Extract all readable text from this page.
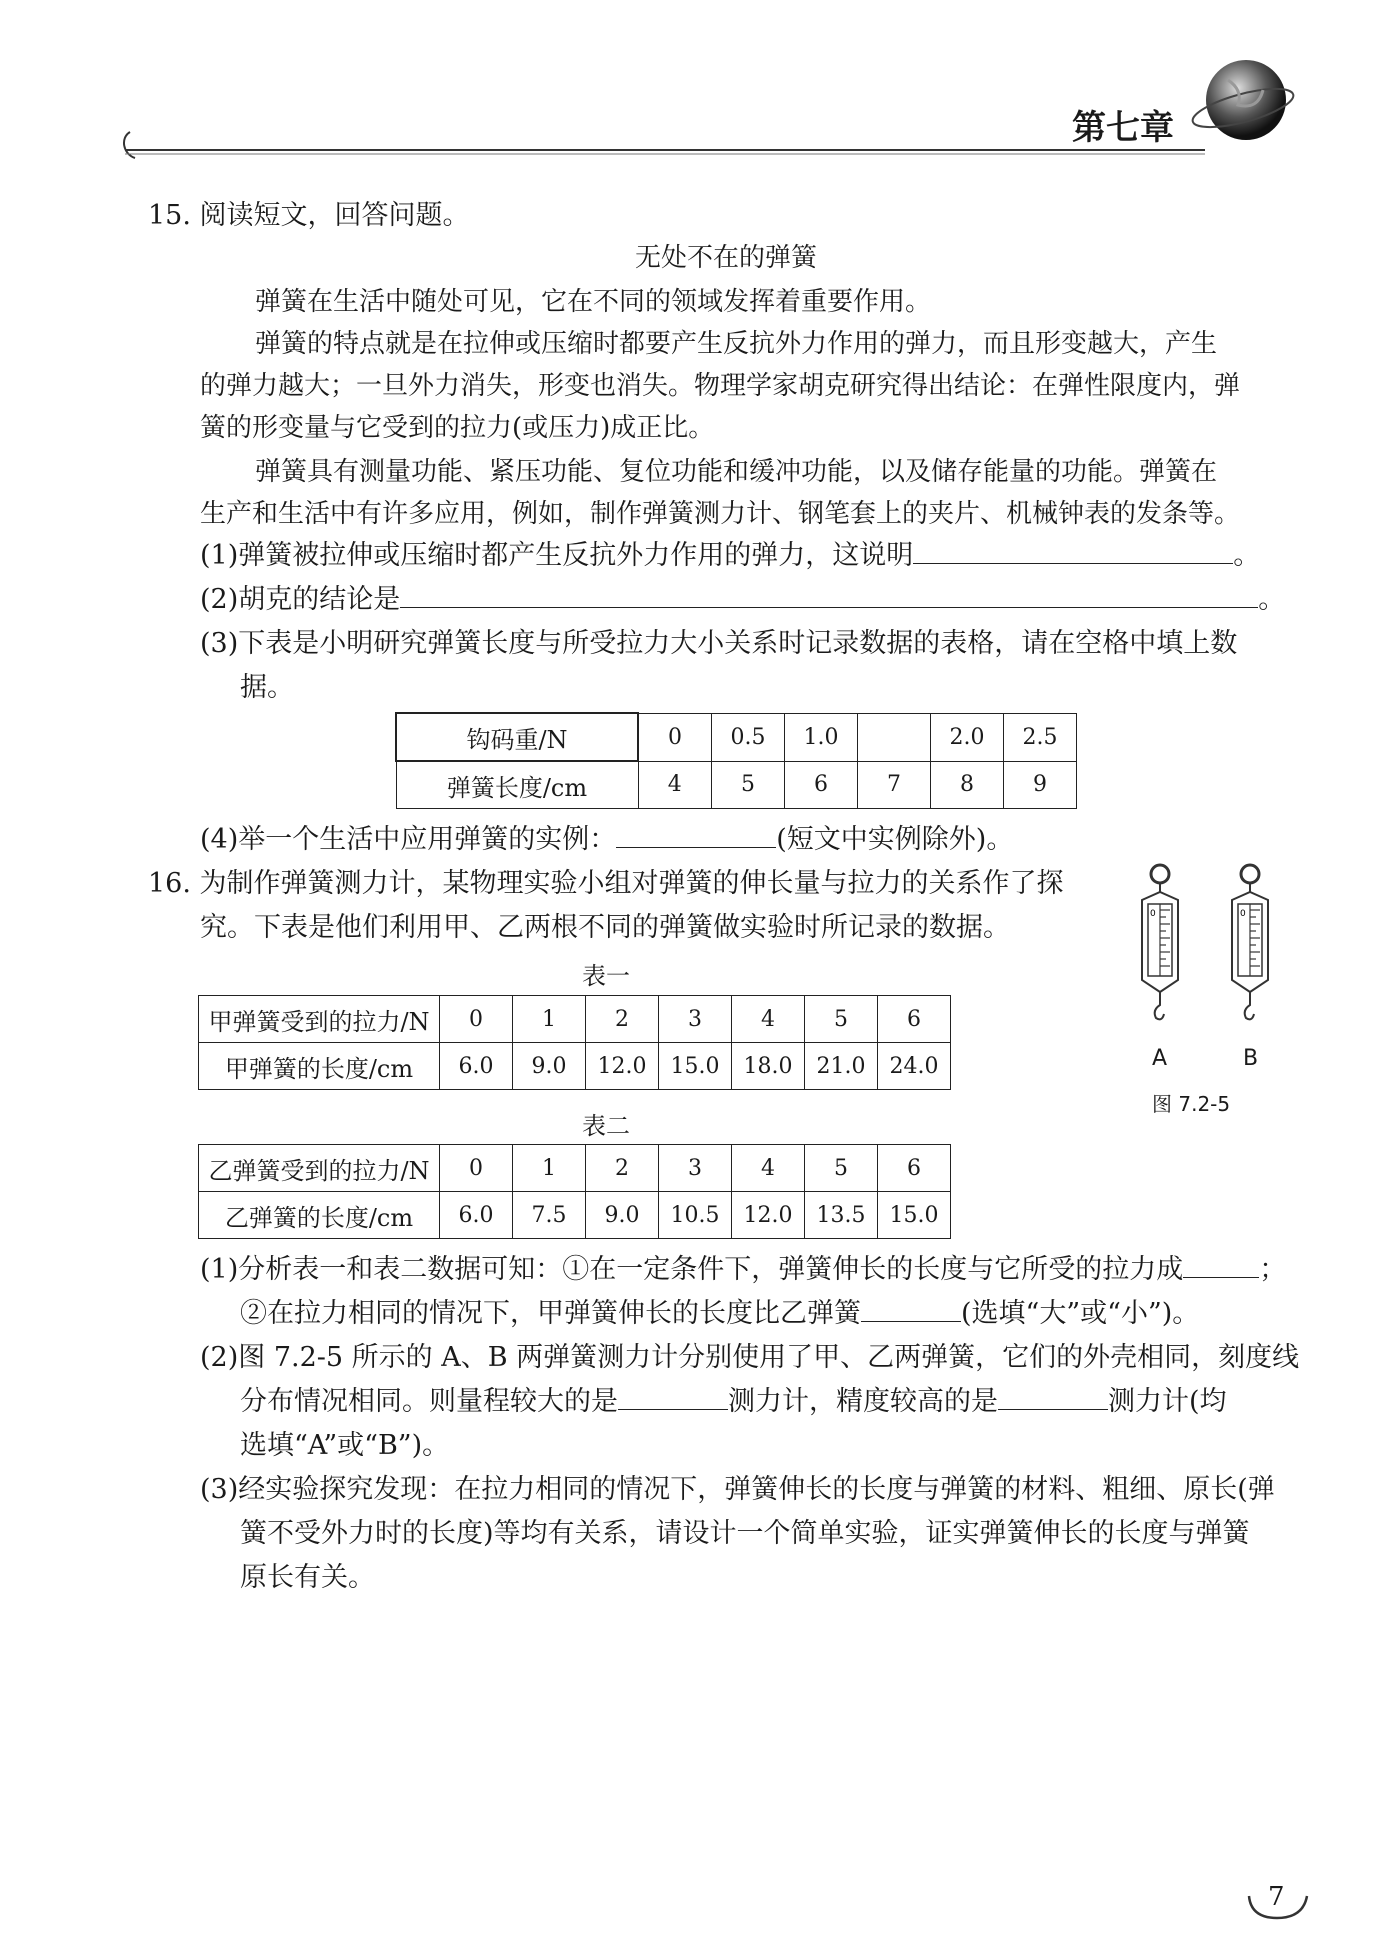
第七章
15. 阅读短文，回答问题。
无处不在的弹簧
弹簧在生活中随处可见，它在不同的领域发挥着重要作用。
弹簧的特点就是在拉伸或压缩时都要产生反抗外力作用的弹力，而且形变越大，产生
的弹力越大；一旦外力消失，形变也消失。物理学家胡克研究得出结论：在弹性限度内，弹
簧的形变量与它受到的拉力(或压力)成正比。
弹簧具有测量功能、紧压功能、复位功能和缓冲功能，以及储存能量的功能。弹簧在
生产和生活中有许多应用，例如，制作弹簧测力计、钢笔套上的夹片、机械钟表的发条等。
(1)弹簧被拉伸或压缩时都产生反抗外力作用的弹力，这说明	。
(2)胡克的结论是	。
(3)下表是小明研究弹簧长度与所受拉力大小关系时记录数据的表格，请在空格中填上数
据。
钩码重/N	0	0.5	1.0		2.0	2.5
弹簧长度/cm	4	5	6	7	8	9
(4)举一个生活中应用弹簧的实例：	(短文中实例除外)。
16. 为制作弹簧测力计，某物理实验小组对弹簧的伸长量与拉力的关系作了探
究。下表是他们利用甲、乙两根不同的弹簧做实验时所记录的数据。
表一
甲弹簧受到的拉力/N	0	1	2	3	4	5	6
甲弹簧的长度/cm	6.0	9.0	12.0	15.0	18.0	21.0	24.0
表二
乙弹簧受到的拉力/N	0	1	2	3	4	5	6
乙弹簧的长度/cm	6.0	7.5	9.0	10.5	12.0	13.5	15.0
0	0
A	B
图 7.2-5
(1)分析表一和表二数据可知：①在一定条件下，弹簧伸长的长度与它所受的拉力成	；
②在拉力相同的情况下，甲弹簧伸长的长度比乙弹簧	(选填“大”或“小”)。
(2)图 7.2-5 所示的 A、B 两弹簧测力计分别使用了甲、乙两弹簧，它们的外壳相同，刻度线
分布情况相同。则量程较大的是	测力计，精度较高的是	测力计(均
选填“A”或“B”)。
(3)经实验探究发现：在拉力相同的情况下，弹簧伸长的长度与弹簧的材料、粗细、原长(弹
簧不受外力时的长度)等均有关系，请设计一个简单实验，证实弹簧伸长的长度与弹簧
原长有关。
7
